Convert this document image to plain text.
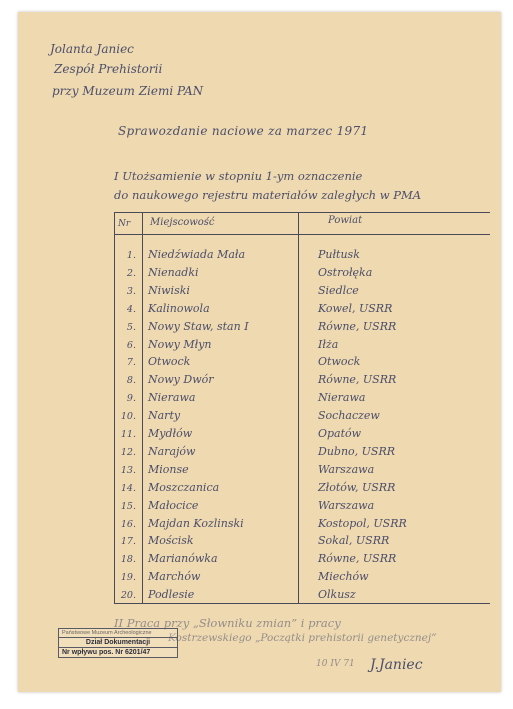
Jolanta Janiec
Zespół Prehistorii
przy Muzeum Ziemi PAN
Sprawozdanie naciowe za marzec 1971
I Utożsamienie w stopniu 1-ym oznaczenie
do naukowego rejestru materiałów zaległych w PMA
Nr Miejscowość	Powiat
1. Niedźwiada Mała	Pułtusk
2. Nienadki	Ostrołęka
3. Niwiski	Siedlce
4. Kalinowola	Kowel, USRR
5. Nowy Staw, stan I	Równe, USRR
6. Nowy Młyn	Iłża
7. Otwock	Otwock
8. Nowy Dwór	Równe, USRR
9. Nierawa	Nierawa
10. Narty	Sochaczew
11. Mydłów	Opatów
12. Narajów	Dubno, USRR
13. Mionse	Warszawa
14. Moszczanica	Złotów, USRR
15. Małocice	Warszawa
16. Majdan Kozlinski	Kostopol, USRR
17. Mościsk	Sokal, USRR
18. Marianówka	Równe, USRR
19. Marchów	Miechów
20. Podlesie	Olkusz
II Praca przy „Słowniku zmian” i pracy
Kostrzewskiego „Początki prehistorii genetycznej”
10 IV 71 J.Janiec
Państwowe Muzeum Archeologiczne
Dział Dokumentacji
Nr wpływu pos. Nr 6201/47
